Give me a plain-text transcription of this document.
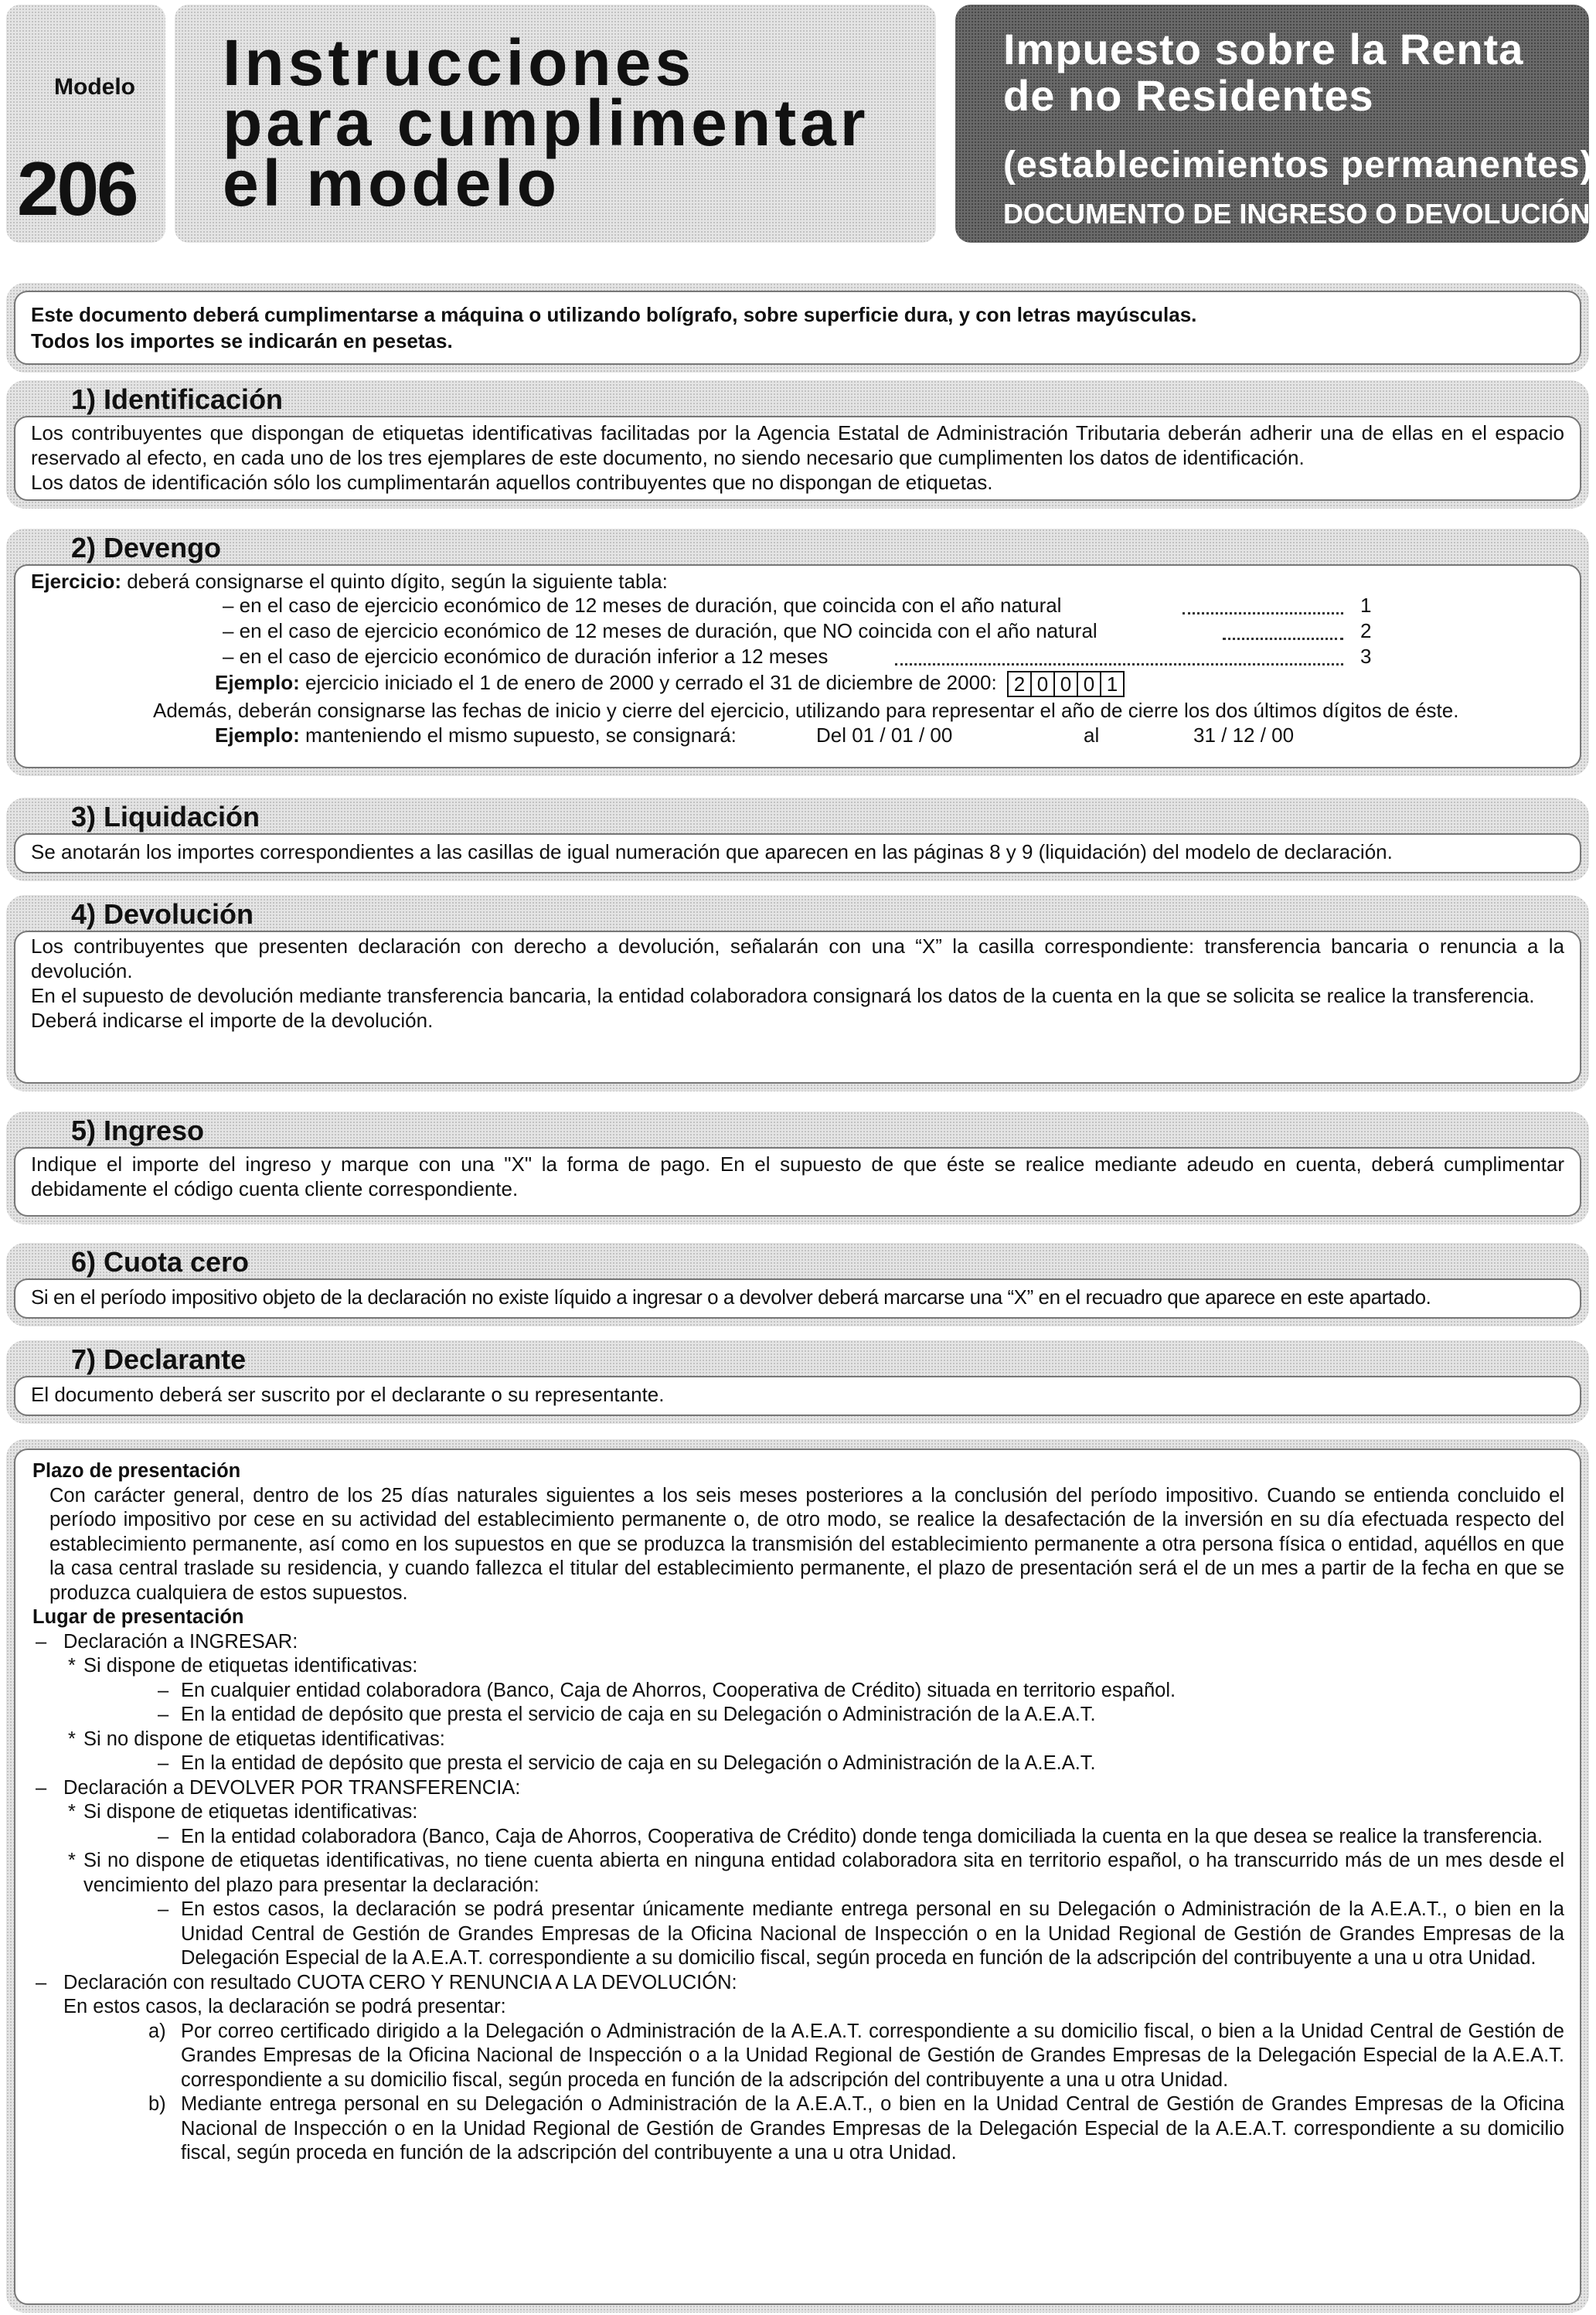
Modelo
206
Instrucciones
para cumplimentar
el modelo
Impuesto sobre la Renta
de no Residentes
(establecimientos permanentes)
DOCUMENTO DE INGRESO O DEVOLUCIÓN
Este documento deberá cumplimentarse a máquina o utilizando bolígrafo, sobre superficie dura, y con letras mayúsculas.
Todos los importes se indicarán en pesetas.
1) Identificación

Los contribuyentes que dispongan de etiquetas identificativas facilitadas por la Agencia Estatal de Administración Tributaria deberán adherir una de ellas en el espacio reservado al efecto, en cada uno de los tres ejemplares de este documento, no siendo necesario que cumplimenten los datos de identificación.

Los datos de identificación sólo los cumplimentarán aquellos contribuyentes que no dispongan de etiquetas.

2) Devengo
Ejercicio: deberá consignarse el quinto dígito, según la siguiente tabla:
– en el caso de ejercicio económico de 12 meses de duración, que coincida con el año natural	1
– en el caso de ejercicio económico de 12 meses de duración, que NO coincida con el año natural	2
– en el caso de ejercicio económico de duración inferior a 12 meses	3
Ejemplo: ejercicio iniciado el 1 de enero de 2000 y cerrado el 31 de diciembre de 2000: 2 0 0 0 1
Además, deberán consignarse las fechas de inicio y cierre del ejercicio, utilizando para representar el año de cierre los dos últimos dígitos de éste.
Ejemplo: manteniendo el mismo supuesto, se consignará:	Del 01 / 01 / 00	al	31 / 12 / 00
3) Liquidación
Se anotarán los importes correspondientes a las casillas de igual numeración que aparecen en las páginas 8 y 9 (liquidación) del modelo de declaración.
4) Devolución

Los contribuyentes que presenten declaración con derecho a devolución, señalarán con una “X” la casilla correspondiente: transferencia bancaria o renuncia a la devolución.

En el supuesto de devolución mediante transferencia bancaria, la entidad colaboradora consignará los datos de la cuenta en la que se solicita se realice la transferencia.

Deberá indicarse el importe de la devolución.

5) Ingreso
Indique el importe del ingreso y marque con una "X" la forma de pago. En el supuesto de que éste se realice mediante adeudo en cuenta, deberá cumplimentar debidamente el código cuenta cliente correspondiente.
6) Cuota cero
Si en el período impositivo objeto de la declaración no existe líquido a ingresar o a devolver deberá marcarse una “X” en el recuadro que aparece en este apartado.
7) Declarante
El documento deberá ser suscrito por el declarante o su representante.

Plazo de presentación

Con carácter general, dentro de los 25 días naturales siguientes a los seis meses posteriores a la conclusión del período impositivo. Cuando se entienda concluido el período impositivo por cese en su actividad del establecimiento permanente o, de otro modo, se realice la desafectación de la inversión en su día efectuada respecto del establecimiento permanente, así como en los supuestos en que se produzca la transmisión del establecimiento permanente a otra persona física o entidad, aquéllos en que la casa central traslade su residencia, y cuando fallezca el titular del establecimiento permanente, el plazo de presentación será el de un mes a partir de la fecha en que se produzca cualquiera de estos supuestos.

Lugar de presentación

– Declaración a INGRESAR:
* Si dispone de etiquetas identificativas:
– En cualquier entidad colaboradora (Banco, Caja de Ahorros, Cooperativa de Crédito) situada en territorio español.
– En la entidad de depósito que presta el servicio de caja en su Delegación o Administración de la A.E.A.T.
* Si no dispone de etiquetas identificativas:
– En la entidad de depósito que presta el servicio de caja en su Delegación o Administración de la A.E.A.T.
– Declaración a DEVOLVER POR TRANSFERENCIA:
* Si dispone de etiquetas identificativas:
– En la entidad colaboradora (Banco, Caja de Ahorros, Cooperativa de Crédito) donde tenga domiciliada la cuenta en la que desea se realice la transferencia.
* Si no dispone de etiquetas identificativas, no tiene cuenta abierta en ninguna entidad colaboradora sita en territorio español, o ha transcurrido más de un mes desde el vencimiento del plazo para presentar la declaración:
– En estos casos, la declaración se podrá presentar únicamente mediante entrega personal en su Delegación o Administración de la A.E.A.T., o bien en la Unidad Central de Gestión de Grandes Empresas de la Oficina Nacional de Inspección o en la Unidad Regional de Gestión de Grandes Empresas de la Delegación Especial de la A.E.A.T. correspondiente a su domicilio fiscal, según proceda en función de la adscripción del contribuyente a una u otra Unidad.
– Declaración con resultado CUOTA CERO Y RENUNCIA A LA DEVOLUCIÓN:
En estos casos, la declaración se podrá presentar:
a) Por correo certificado dirigido a la Delegación o Administración de la A.E.A.T. correspondiente a su domicilio fiscal, o bien a la Unidad Central de Gestión de Grandes Empresas de la Oficina Nacional de Inspección o a la Unidad Regional de Gestión de Grandes Empresas de la Delegación Especial de la A.E.A.T. correspondiente a su domicilio fiscal, según proceda en función de la adscripción del contribuyente a una u otra Unidad.
b) Mediante entrega personal en su Delegación o Administración de la A.E.A.T., o bien en la Unidad Central de Gestión de Grandes Empresas de la Oficina Nacional de Inspección o en la Unidad Regional de Gestión de Grandes Empresas de la Delegación Especial de la A.E.A.T. correspondiente a su domicilio fiscal, según proceda en función de la adscripción del contribuyente a una u otra Unidad.
